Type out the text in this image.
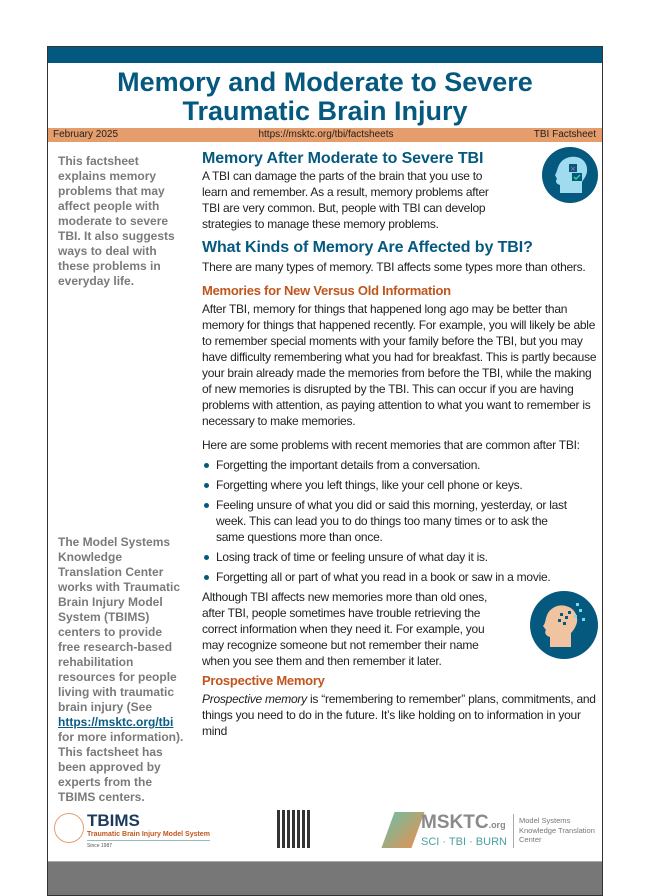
Memory and Moderate to Severe
Traumatic Brain Injury
February 2025	https://msktc.org/tbi/factsheets	TBI Factsheet
This factsheet explains memory problems that may affect people with moderate to severe TBI. It also suggests ways to deal with these problems in everyday life.
The Model Systems Knowledge Translation Center works with Traumatic Brain Injury Model System (TBIMS) centers to provide free research-based rehabilitation resources for people living with traumatic brain injury (See https://msktc.org/tbi for more information). This factsheet has been approved by experts from the TBIMS centers.
×
Memory After Moderate to Severe TBI

A TBI can damage the parts of the brain that you use to learn and remember. As a result, memory problems after TBI are very common. But, people with TBI can develop strategies to manage these memory problems.

What Kinds of Memory Are Affected by TBI?

There are many types of memory. TBI affects some types more than others.

Memories for New Versus Old Information

After TBI, memory for things that happened long ago may be better than memory for things that happened recently. For example, you will likely be able to remember special moments with your family before the TBI, but you may have difficulty remembering what you had for breakfast. This is partly because your brain already made the memories from before the TBI, while the making of new memories is disrupted by the TBI. This can occur if you are having problems with attention, as paying attention to what you want to remember is necessary to make memories.

Here are some problems with recent memories that are common after TBI:

Forgetting the important details from a conversation.
Forgetting where you left things, like your cell phone or keys.
Feeling unsure of what you did or said this morning, yesterday, or last week. This can lead you to do things too many times or to ask the same questions more than once.
Losing track of time or feeling unsure of what day it is.
Forgetting all or part of what you read in a book or saw in a movie.

Although TBI affects new memories more than old ones, after TBI, people sometimes have trouble retrieving the correct information when they need it. For example, you may recognize someone but not remember their name when you see them and then remember it later.

Prospective Memory

Prospective memory is “remembering to remember” plans, commitments, and things you need to do in the future. It’s like holding on to information in your mind

TBIMS
Traumatic Brain Injury Model System
Since 1987
MSKTC.org
SCI · TBI · BURN
Model Systems Knowledge Translation Center
